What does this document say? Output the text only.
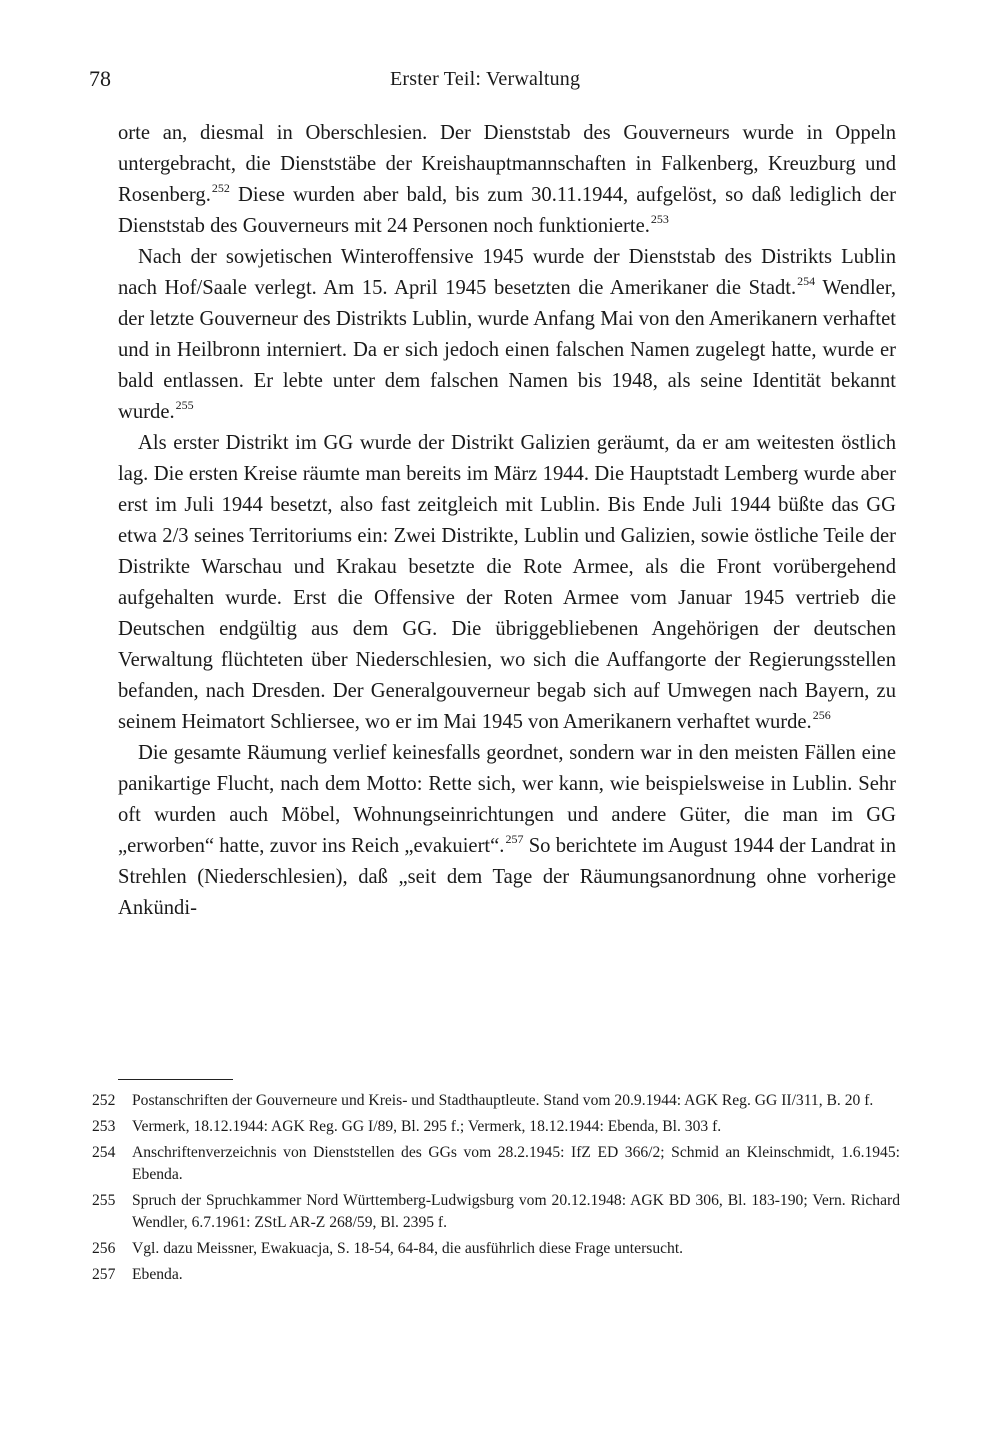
78	Erster Teil: Verwaltung

orte an, diesmal in Oberschlesien. Der Dienststab des Gouverneurs wurde in Oppeln untergebracht, die Dienststäbe der Kreishauptmannschaften in Falkenberg, Kreuzburg und Rosenberg.$^{252}$ Diese wurden aber bald, bis zum 30.11.1944, aufgelöst, so daß lediglich der Dienststab des Gouverneurs mit 24 Personen noch funktionierte.$^{253}$

Nach der sowjetischen Winteroffensive 1945 wurde der Dienststab des Distrikts Lublin nach Hof/Saale verlegt. Am 15. April 1945 besetzten die Amerikaner die Stadt.$^{254}$ Wendler, der letzte Gouverneur des Distrikts Lublin, wurde Anfang Mai von den Amerikanern verhaftet und in Heilbronn interniert. Da er sich jedoch einen falschen Namen zugelegt hatte, wurde er bald entlassen. Er lebte unter dem falschen Namen bis 1948, als seine Identität bekannt wurde.$^{255}$

Als erster Distrikt im GG wurde der Distrikt Galizien geräumt, da er am weitesten östlich lag. Die ersten Kreise räumte man bereits im März 1944. Die Hauptstadt Lemberg wurde aber erst im Juli 1944 besetzt, also fast zeitgleich mit Lublin. Bis Ende Juli 1944 büßte das GG etwa 2/3 seines Territoriums ein: Zwei Distrikte, Lublin und Galizien, sowie östliche Teile der Distrikte Warschau und Krakau besetzte die Rote Armee, als die Front vorübergehend aufgehalten wurde. Erst die Offensive der Roten Armee vom Januar 1945 vertrieb die Deutschen endgültig aus dem GG. Die übriggebliebenen Angehörigen der deutschen Verwaltung flüchteten über Niederschlesien, wo sich die Auffangorte der Regierungsstellen befanden, nach Dresden. Der Generalgouverneur begab sich auf Umwegen nach Bayern, zu seinem Heimatort Schliersee, wo er im Mai 1945 von Amerikanern verhaftet wurde.$^{256}$

Die gesamte Räumung verlief keinesfalls geordnet, sondern war in den meisten Fällen eine panikartige Flucht, nach dem Motto: Rette sich, wer kann, wie beispielsweise in Lublin. Sehr oft wurden auch Möbel, Wohnungseinrichtungen und andere Güter, die man im GG „erworben“ hatte, zuvor ins Reich „evakuiert“.$^{257}$ So berichtete im August 1944 der Landrat in Strehlen (Niederschlesien), daß „seit dem Tage der Räumungsanordnung ohne vorherige Ankündi-

252	Postanschriften der Gouverneure und Kreis- und Stadthauptleute. Stand vom 20.9.1944: AGK Reg. GG II/311, B. 20 f.
253	Vermerk, 18.12.1944: AGK Reg. GG I/89, Bl. 295 f.; Vermerk, 18.12.1944: Ebenda, Bl. 303 f.
254	Anschriftenverzeichnis von Dienststellen des GGs vom 28.2.1945: IfZ ED 366/2; Schmid an Kleinschmidt, 1.6.1945: Ebenda.
255	Spruch der Spruchkammer Nord Württemberg-Ludwigsburg vom 20.12.1948: AGK BD 306, Bl. 183-190; Vern. Richard Wendler, 6.7.1961: ZStL AR-Z 268/59, Bl. 2395 f.
256	Vgl. dazu Meissner, Ewakuacja, S. 18-54, 64-84, die ausführlich diese Frage untersucht.
257	Ebenda.
